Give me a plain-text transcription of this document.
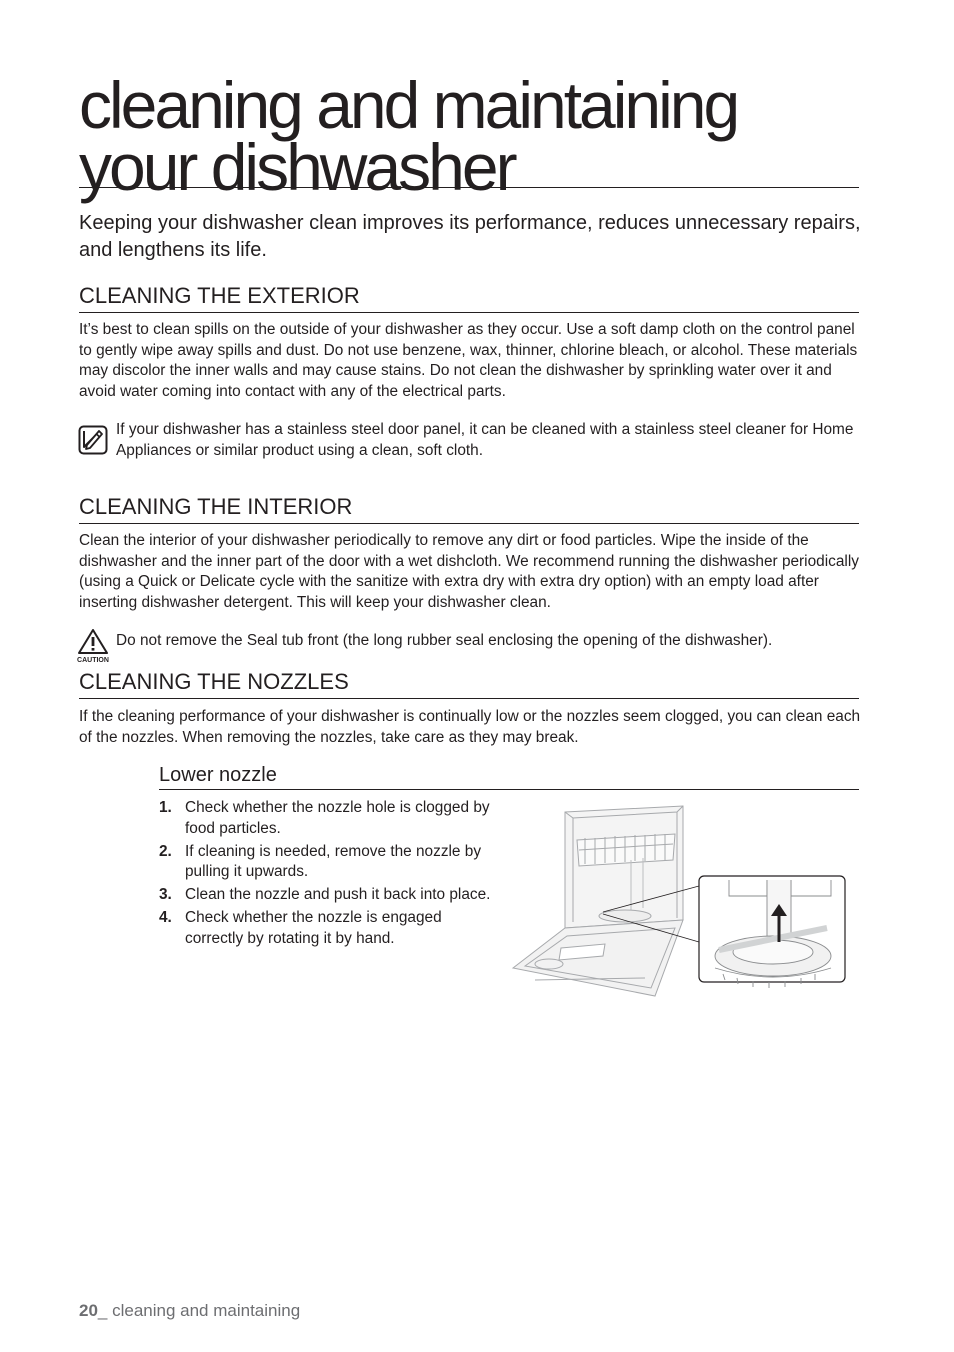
cleaning and maintaining your dishwasher

Keeping your dishwasher clean improves its performance, reduces unnecessary repairs, and lengthens its life.

CLEANING THE EXTERIOR

It’s best to clean spills on the outside of your dishwasher as they occur. Use a soft damp cloth on the control panel to gently wipe away spills and dust. Do not use benzene, wax, thinner, chlorine bleach, or alcohol. These materials may discolor the inner walls and may cause stains. Do not clean the dishwasher by sprinkling water over it and avoid water coming into contact with any of the electrical parts.

If your dishwasher has a stainless steel door panel, it can be cleaned with a stainless steel cleaner for Home Appliances or similar product using a clean, soft cloth.

CLEANING THE INTERIOR

Clean the interior of your dishwasher periodically to remove any dirt or food particles. Wipe the inside of the dishwasher and the inner part of the door with a wet dishcloth. We recommend running the dishwasher periodically (using a Quick or Delicate cycle with the sanitize with extra dry with extra dry option) with an empty load after inserting dishwasher detergent. This will keep your dishwasher clean.

CAUTION

Do not remove the Seal tub front (the long rubber seal enclosing the opening of the dishwasher).

CLEANING THE NOZZLES

If the cleaning performance of your dishwasher is continually low or the nozzles seem clogged, you can clean each of the nozzles. When removing the nozzles, take care as they may break.

Lower nozzle
1. Check whether the nozzle hole is clogged by food particles.
2. If cleaning is needed, remove the nozzle by pulling it upwards.
3. Clean the nozzle and push it back into place.
4. Check whether the nozzle is engaged correctly by rotating it by hand.

20_ cleaning and maintaining
